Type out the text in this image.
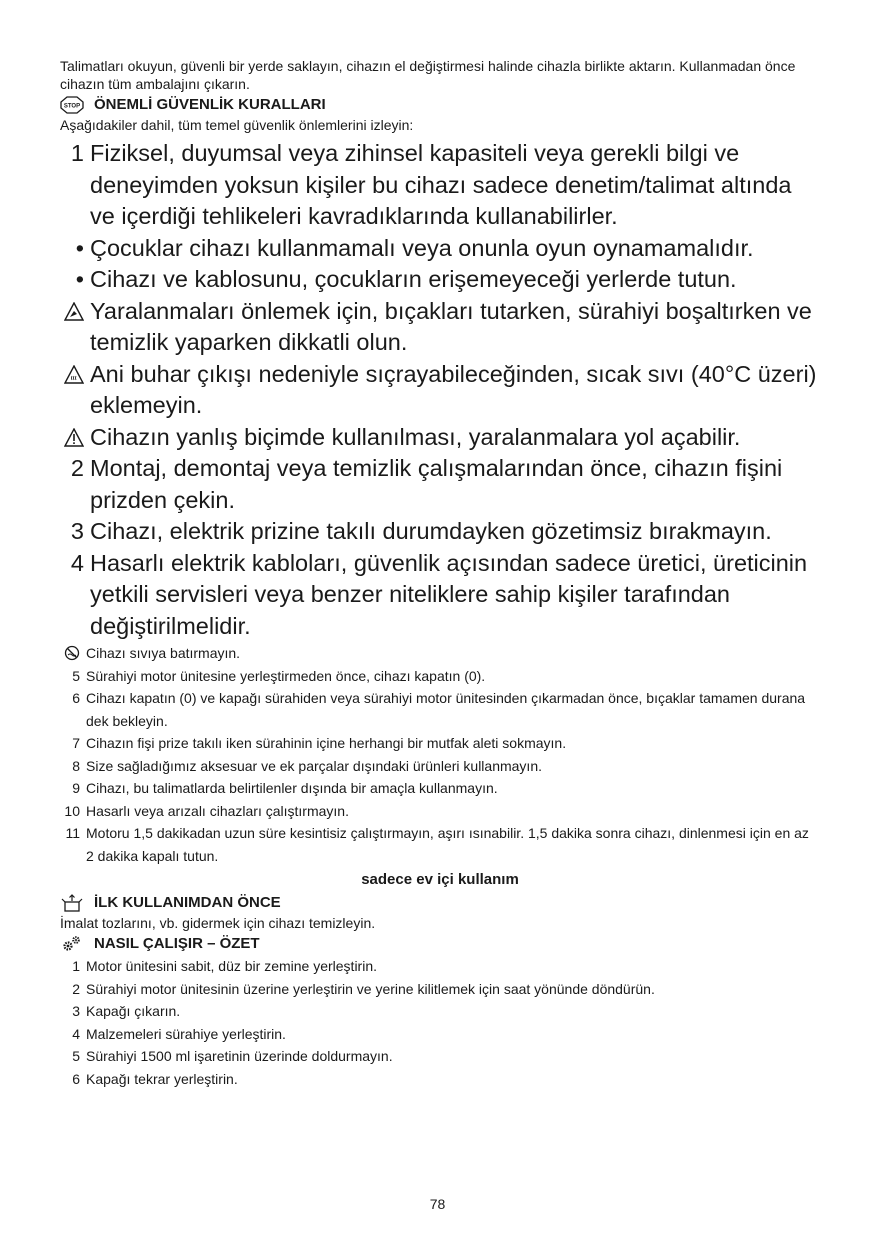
Talimatları okuyun, güvenli bir yerde saklayın, cihazın el değiştirmesi halinde cihazla birlikte aktarın. Kullanmadan önce cihazın tüm ambalajını çıkarın.

STOP ÖNEMLİ GÜVENLİK KURALLARI

Aşağıdakiler dahil, tüm temel güvenlik önlemlerini izleyin:

1 Fiziksel, duyumsal veya zihinsel kapasiteli veya gerekli bilgi ve deneyimden yoksun kişiler bu cihazı sadece denetim/talimat altında ve içerdiği tehlikeleri kavradıklarında kullanabilirler.
• Çocuklar cihazı kullanmamalı veya onunla oyun oynamamalıdır.
• Cihazı ve kablosunu, çocukların erişemeyeceği yerlerde tutun.
Yaralanmaları önlemek için, bıçakları tutarken, sürahiyi boşaltırken ve temizlik yaparken dikkatli olun.
Ani buhar çıkışı nedeniyle sıçrayabileceğinden, sıcak sıvı (40°C üzeri) eklemeyin.
Cihazın yanlış biçimde kullanılması, yaralanmalara yol açabilir.
2 Montaj, demontaj veya temizlik çalışmalarından önce, cihazın fişini prizden çekin.
3 Cihazı, elektrik prizine takılı durumdayken gözetimsiz bırakmayın.
4 Hasarlı elektrik kabloları, güvenlik açısından sadece üretici, üreticinin yetkili servisleri veya benzer niteliklere sahip kişiler tarafından değiştirilmelidir.
Cihazı sıvıya batırmayın.
5 Sürahiyi motor ünitesine yerleştirmeden önce, cihazı kapatın (0).
6 Cihazı kapatın (0) ve kapağı sürahiden veya sürahiyi motor ünitesinden çıkarmadan önce, bıçaklar tamamen durana dek bekleyin.
7 Cihazın fişi prize takılı iken sürahinin içine herhangi bir mutfak aleti sokmayın.
8 Size sağladığımız aksesuar ve ek parçalar dışındaki ürünleri kullanmayın.
9 Cihazı, bu talimatlarda belirtilenler dışında bir amaçla kullanmayın.
10 Hasarlı veya arızalı cihazları çalıştırmayın.
11 Motoru 1,5 dakikadan uzun süre kesintisiz çalıştırmayın, aşırı ısınabilir. 1,5 dakika sonra cihazı, dinlenmesi için en az 2 dakika kapalı tutun.
sadece ev içi kullanım
İLK KULLANIMDAN ÖNCE

İmalat tozlarını, vb. gidermek için cihazı temizleyin.

NASIL ÇALIŞIR – ÖZET
1 Motor ünitesini sabit, düz bir zemine yerleştirin.
2 Sürahiyi motor ünitesinin üzerine yerleştirin ve yerine kilitlemek için saat yönünde döndürün.
3 Kapağı çıkarın.
4 Malzemeleri sürahiye yerleştirin.
5 Sürahiyi 1500 ml işaretinin üzerinde doldurmayın.
6 Kapağı tekrar yerleştirin.
78
